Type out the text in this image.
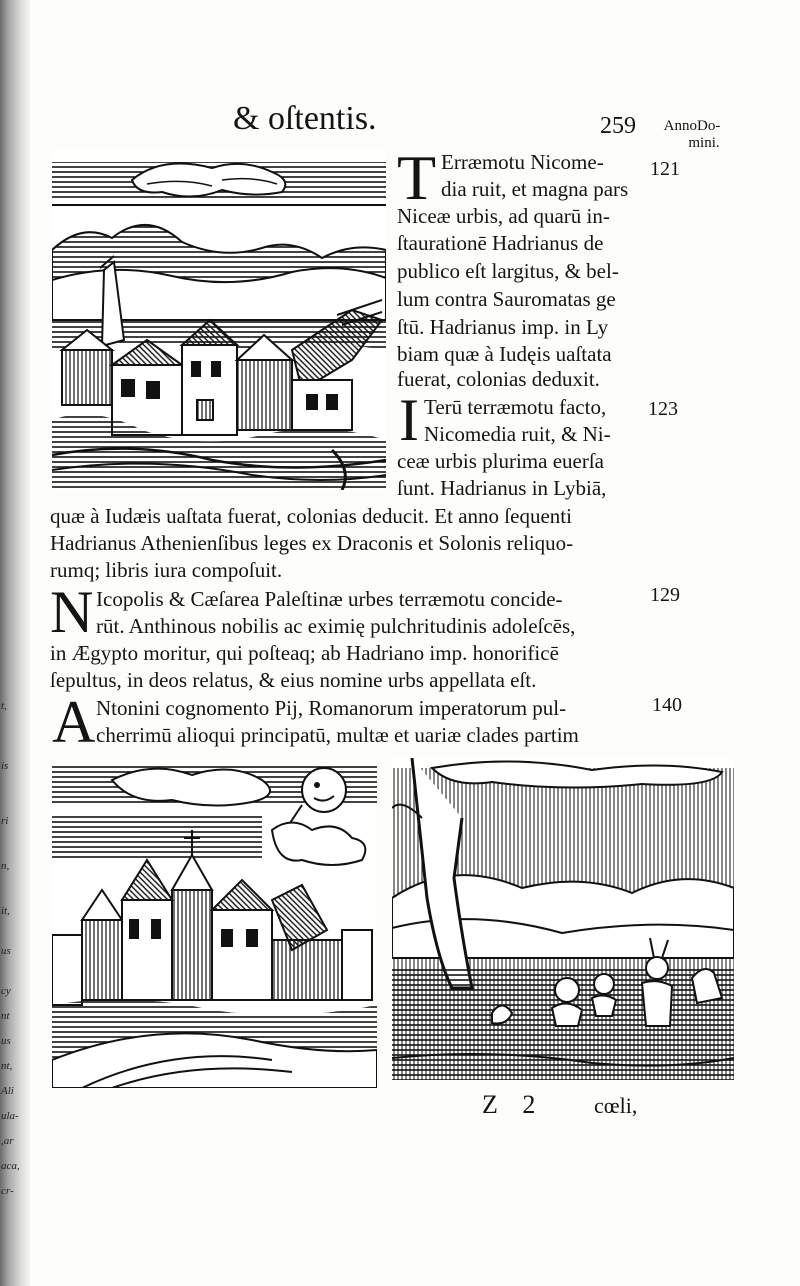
t,
is
ri
n,
it,
us
cy
nt
us
nt,
Ali
ula-
,ar
aca,
cr-
& oſtentis.	259	AnnoDo-
mini.
T Erræmotu Nicome-
dia ruit, et magna pars
Niceæ urbis, ad quarū in-
ſtaurationē Hadrianus de
publico eſt largitus, & bel-
lum contra Sauromatas ge
ſtū. Hadrianus imp. in Ly
biam quæ à Iudęis uaſtata
fuerat, colonias deduxit.
121
I Terū terræmotu facto,
Nicomedia ruit, & Ni-
ceæ urbis plurima euerſa
ſunt. Hadrianus in Lybiā,
quæ à Iudæis uaſtata fuerat, colonias deducit. Et anno ſequenti
Hadrianus Athenienſibus leges ex Draconis et Solonis reliquo-
rumq; libris iura compoſuit.
123
N Icopolis & Cæſarea Paleſtinæ urbes terræmotu concide-
rūt. Anthinous nobilis ac eximię pulchritudinis adoleſcēs,
in Ægypto moritur, qui poſteaq; ab Hadriano imp. honorificē
ſepultus, in deos relatus, & eius nomine urbs appellata eſt.
129
A Ntonini cognomento Pij, Romanorum imperatorum pul-
cherrimū alioqui principatū, multæ et uariæ clades partim
140
Z 2	cœli,
